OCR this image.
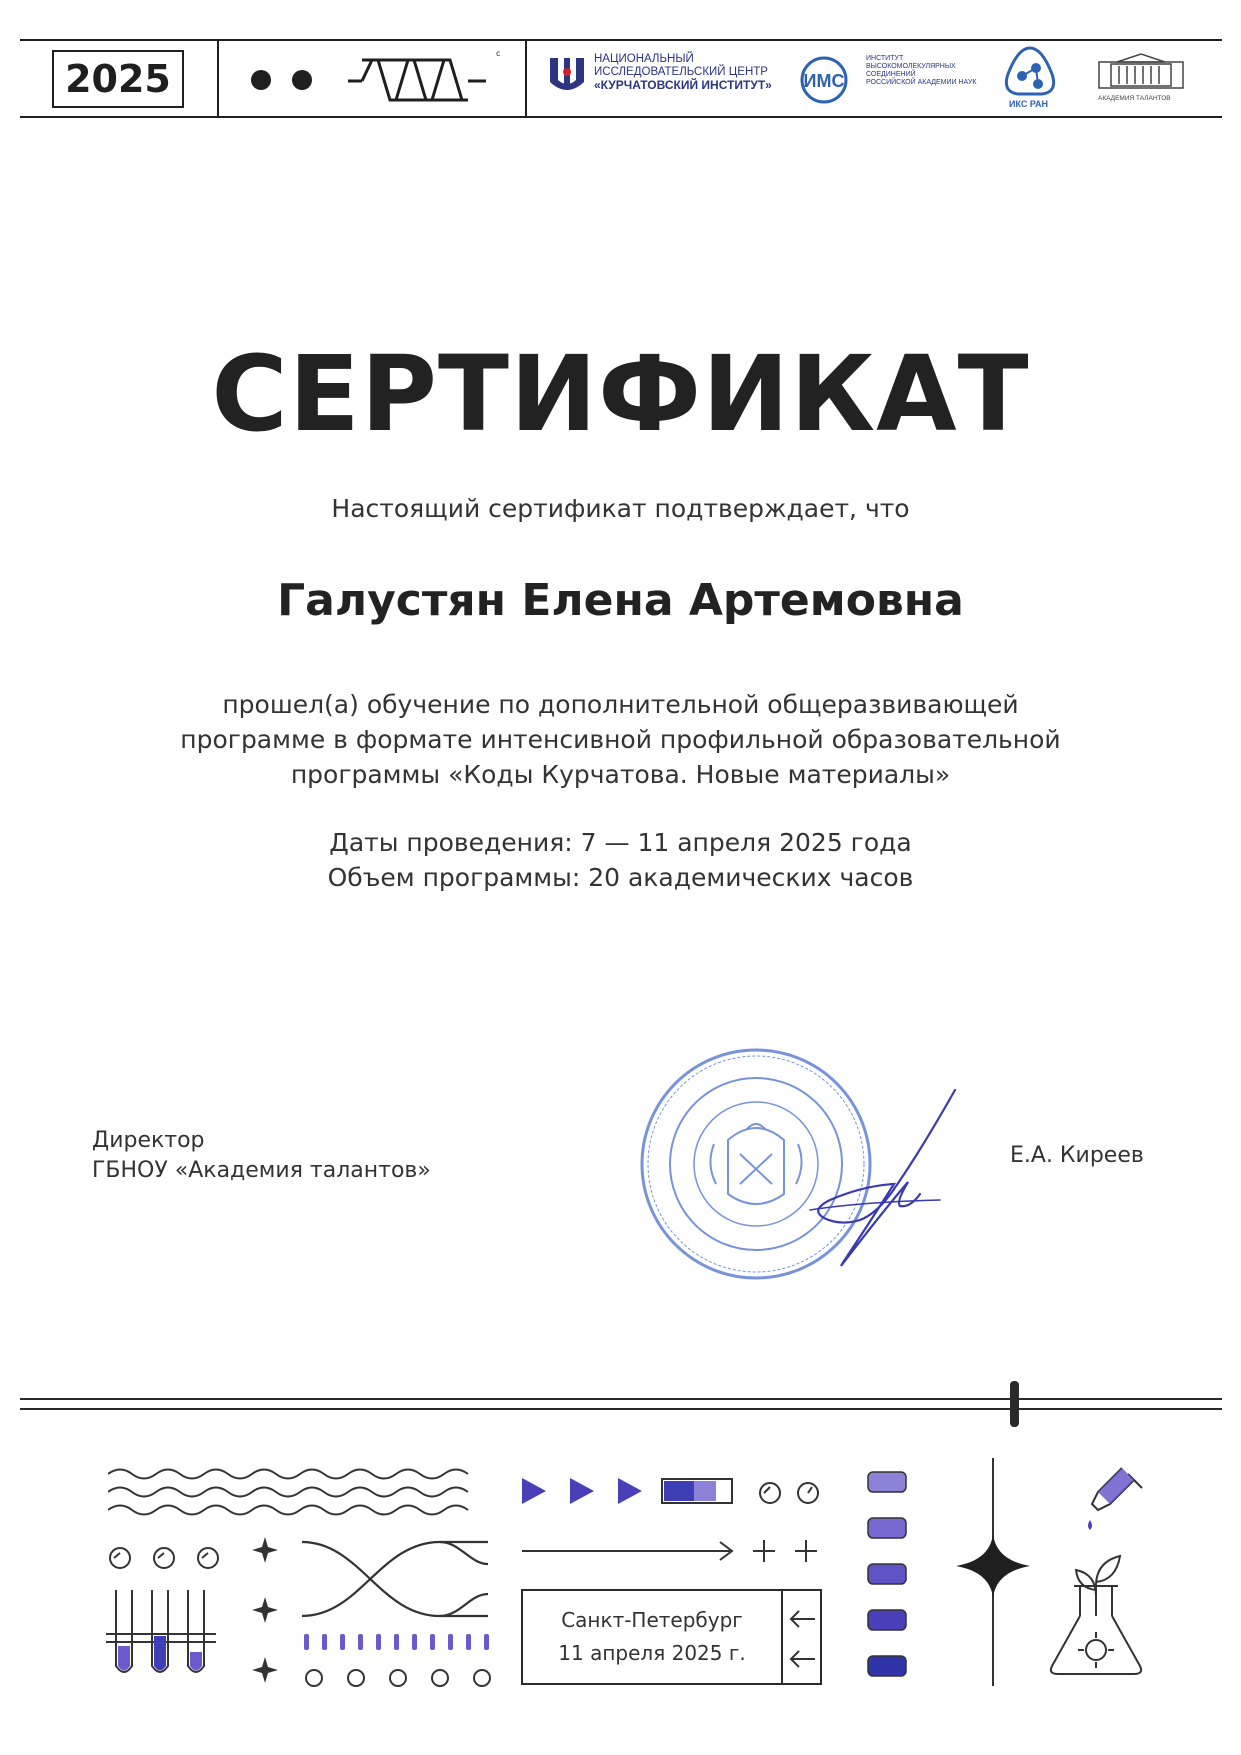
2025
c	НАЦИОНАЛЬНЫЙ
ИССЛЕДОВАТЕЛЬСКИЙ ЦЕНТР
«КУРЧАТОВСКИЙ ИНСТИТУТ» ИМС
ИНСТИТУТ
ВЫСОКОМОЛЕКУЛЯРНЫХ
СОЕДИНЕНИЙ
РОССИЙСКОЙ АКАДЕМИИ НАУК
ИКС РАН
АКАДЕМИЯ ТАЛАНТОВ
СЕРТИФИКАТ
Настоящий сертификат подтверждает, что
Галустян Елена Артемовна
прошел(а) обучение по дополнительной общеразвивающей
программе в формате интенсивной профильной образовательной
программы «Коды Курчатова. Новые материалы»
Даты проведения: 7 — 11 апреля 2025 года
Объем программы: 20 академических часов
Директор
ГБНОУ «Академия талантов»
Е.А. Киреев
Санкт-Петербург
11 апреля 2025 г.
